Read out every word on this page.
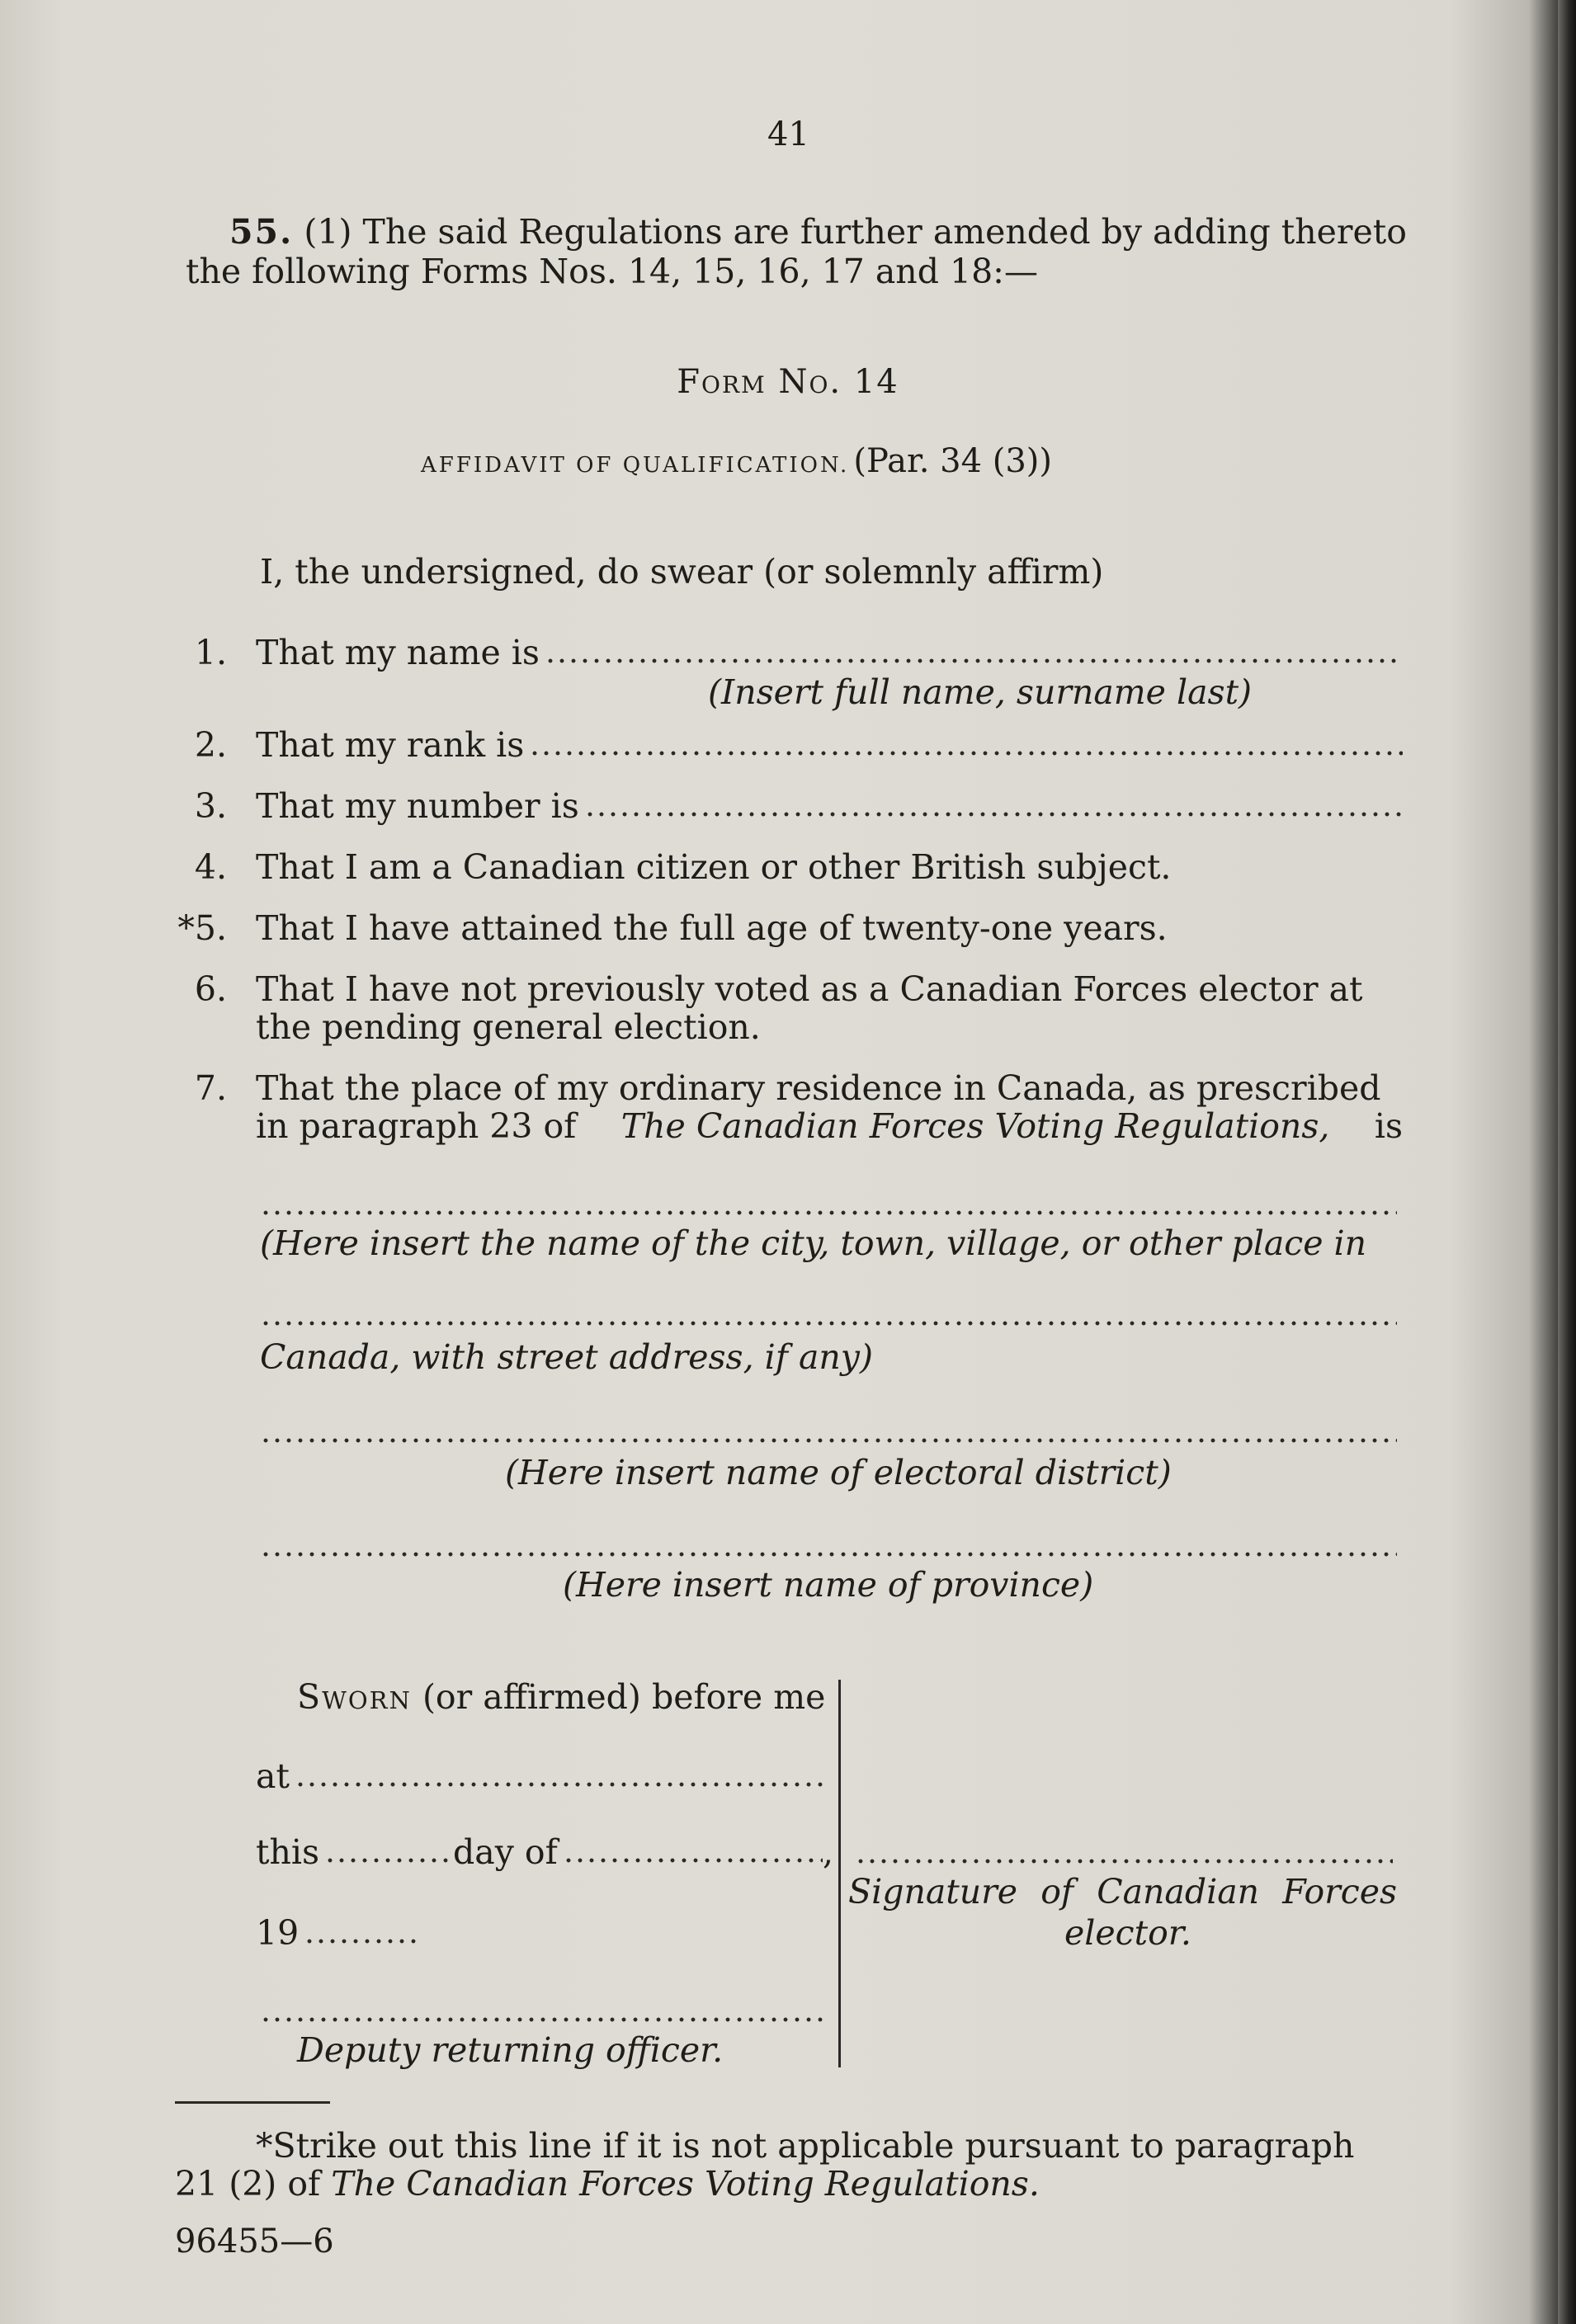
41
55. (1) The said Regulations are further amended by adding thereto
the following Forms Nos. 14, 15, 16, 17 and 18:—
Form No. 14
AFFIDAVIT OF QUALIFICATION. (Par. 34 (3))
I, the undersigned, do swear (or solemnly affirm)
1. That my name is
(Insert full name, surname last)
2. That my rank is
3. That my number is
4. That I am a Canadian citizen or other British subject.
*5. That I have attained the full age of twenty-one years.
6. That I have not previously voted as a Canadian Forces elector at
the pending general election.
7. That the place of my ordinary residence in Canada, as prescribed
in paragraph 23 of The Canadian Forces Voting Regulations, is
(Here insert the name of the city, town, village, or other place in
Canada, with street address, if any)
(Here insert name of electoral district)
(Here insert name of province)
Sworn (or affirmed) before me
at
this	day of	,
19
Deputy returning officer.
Signature of Canadian Forces
elector.
*Strike out this line if it is not applicable pursuant to paragraph
21 (2) of The Canadian Forces Voting Regulations.
96455—6
